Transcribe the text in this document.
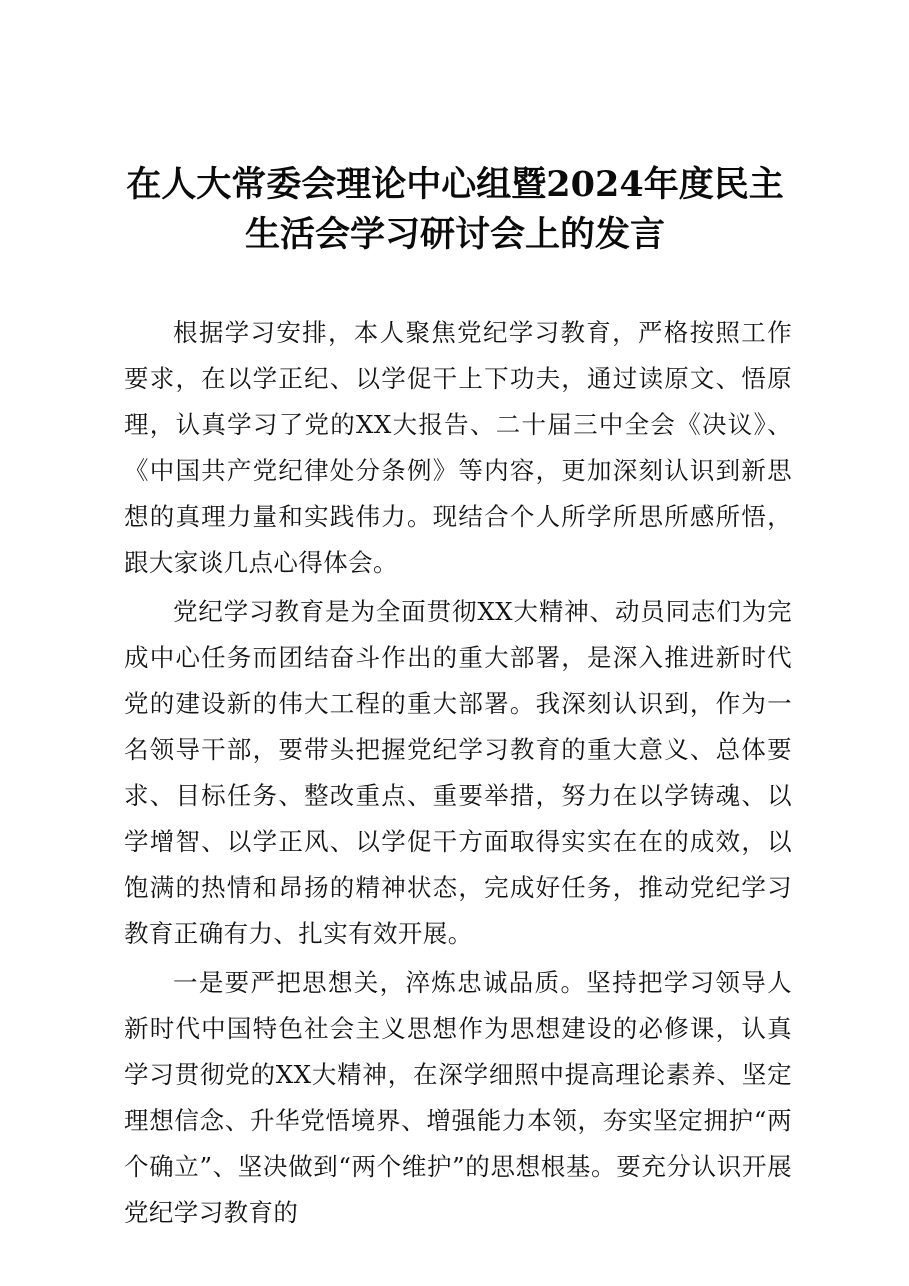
在人大常委会理论中心组暨2024年度民主生活会学习研讨会上的发言

根据学习安排，本人聚焦党纪学习教育，严格按照工作要求，在以学正纪、以学促干上下功夫，通过读原文、悟原理，认真学习了党的XX大报告、二十届三中全会《决议》、《中国共产党纪律处分条例》等内容，更加深刻认识到新思想的真理力量和实践伟力。现结合个人所学所思所感所悟，跟大家谈几点心得体会。

党纪学习教育是为全面贯彻XX大精神、动员同志们为完成中心任务而团结奋斗作出的重大部署，是深入推进新时代党的建设新的伟大工程的重大部署。我深刻认识到，作为一名领导干部，要带头把握党纪学习教育的重大意义、总体要求、目标任务、整改重点、重要举措，努力在以学铸魂、以学增智、以学正风、以学促干方面取得实实在在的成效，以饱满的热情和昂扬的精神状态，完成好任务，推动党纪学习教育正确有力、扎实有效开展。

一是要严把思想关，淬炼忠诚品质。坚持把学习领导人新时代中国特色社会主义思想作为思想建设的必修课，认真学习贯彻党的XX大精神，在深学细照中提高理论素养、坚定理想信念、升华党悟境界、增强能力本领，夯实坚定拥护“两个确立”、坚决做到“两个维护”的思想根基。要充分认识开展党纪学习教育的
